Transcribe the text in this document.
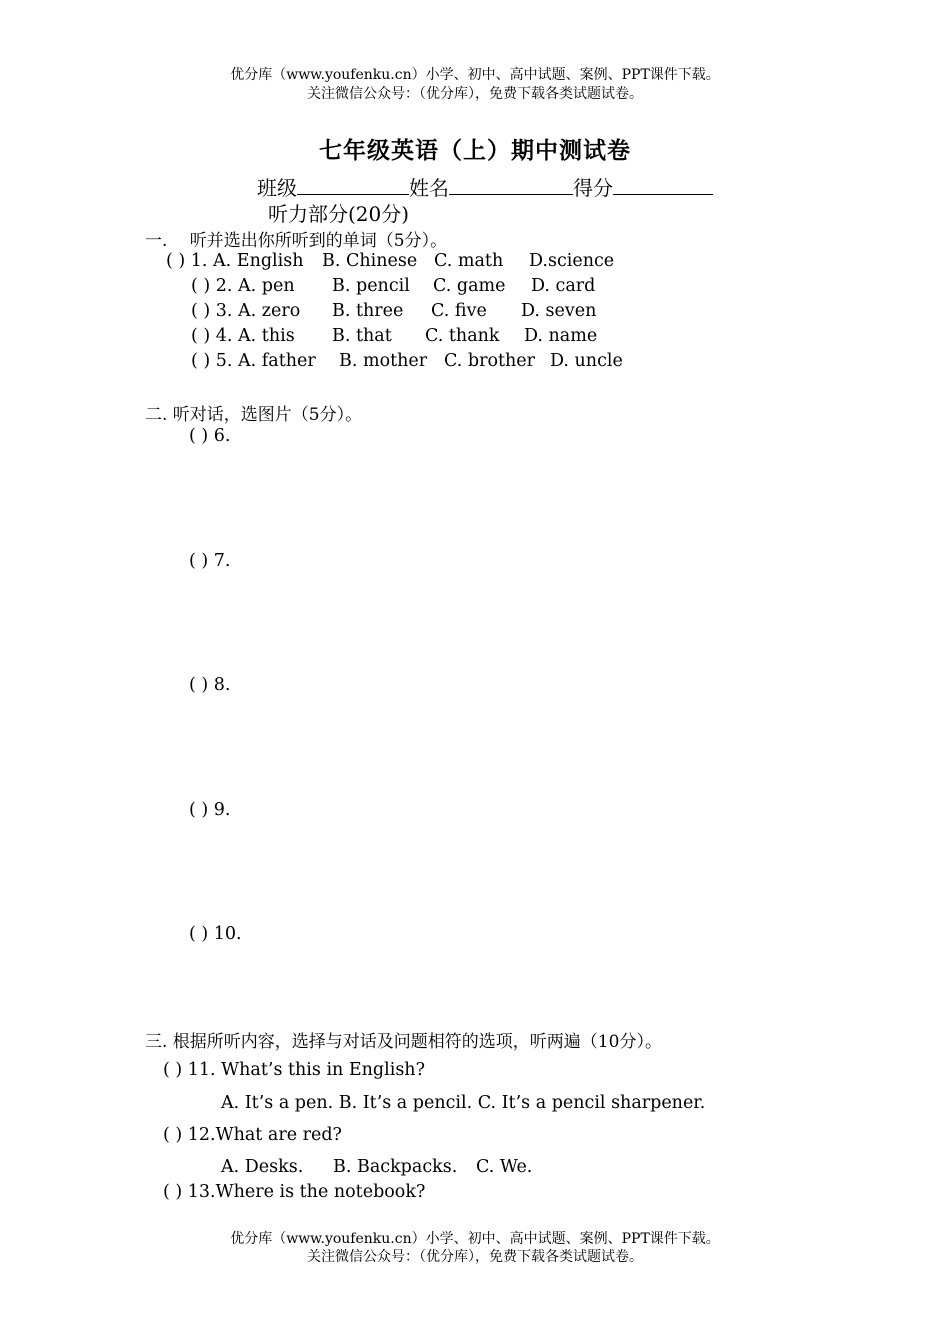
优分库（www.youfenku.cn）小学、初中、高中试题、案例、PPT课件下载。
关注微信公众号：（优分库），免费下载各类试题试卷。
七年级英语（上）期中测试卷
班级	姓名	得分
听力部分(20分)
一.　 听并选出你所听到的单词（5分）。
( ) 1. A. English B. Chinese C. math D.science
( ) 2. A. pen B. pencil C. game D. card
( ) 3. A. zero B. three C. five D. seven
( ) 4. A. this B. that C. thank D. name
( ) 5. A. father B. mother C. brother D. uncle
二. 听对话，选图片（5分）。
( ) 6.
( ) 7.
( ) 8.
( ) 9.
( ) 10.
三. 根据所听内容，选择与对话及问题相符的选项，听两遍（10分）。
( ) 11. What’s this in English?
A. It’s a pen. B. It’s a pencil. C. It’s a pencil sharpener.
( ) 12.What are red?
A. Desks. B. Backpacks. C. We.
( ) 13.Where is the notebook?
优分库（www.youfenku.cn）小学、初中、高中试题、案例、PPT课件下载。
关注微信公众号：（优分库），免费下载各类试题试卷。
